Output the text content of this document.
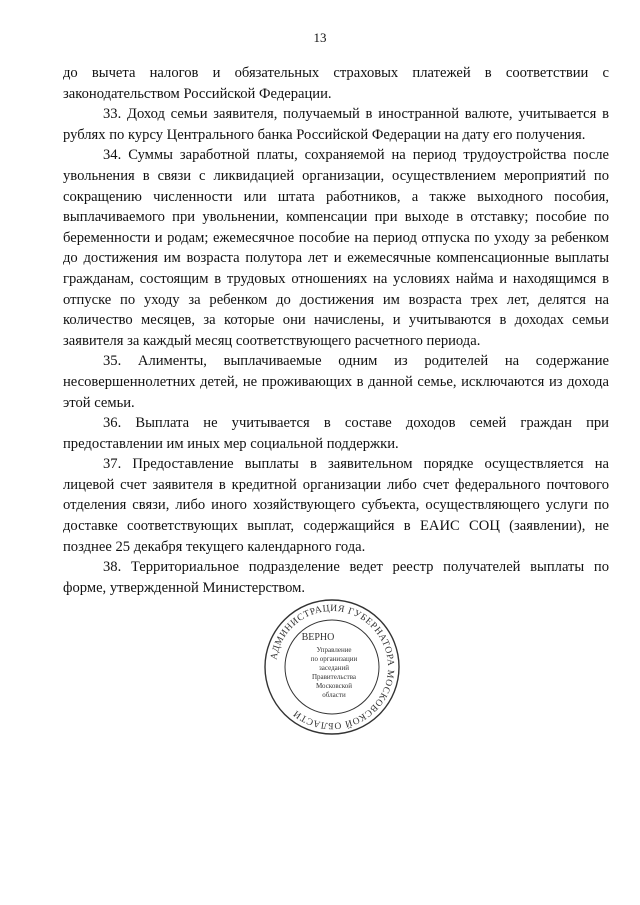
13

до вычета налогов и обязательных страховых платежей в соответствии с законодательством Российской Федерации.

33. Доход семьи заявителя, получаемый в иностранной валюте, учитывается в рублях по курсу Центрального банка Российской Федерации на дату его получения.

34. Суммы заработной платы, сохраняемой на период трудоустройства после увольнения в связи с ликвидацией организации, осуществлением мероприятий по сокращению численности или штата работников, а также выходного пособия, выплачиваемого при увольнении, компенсации при выходе в отставку; пособие по беременности и родам; ежемесячное пособие на период отпуска по уходу за ребенком до достижения им возраста полутора лет и ежемесячные компенсационные выплаты гражданам, состоящим в трудовых отношениях на условиях найма и находящимся в отпуске по уходу за ребенком до достижения им возраста трех лет, делятся на количество месяцев, за которые они начислены, и учитываются в доходах семьи заявителя за каждый месяц соответствующего расчетного периода.

35. Алименты, выплачиваемые одним из родителей на содержание несовершеннолетних детей, не проживающих в данной семье, исключаются из дохода этой семьи.

36. Выплата не учитывается в составе доходов семей граждан при предоставлении им иных мер социальной поддержки.

37. Предоставление выплаты в заявительном порядке осуществляется на лицевой счет заявителя в кредитной организации либо счет федерального почтового отделения связи, либо иного хозяйствующего субъекта, осуществляющего услуги по доставке соответствующих выплат, содержащийся в ЕАИС СОЦ (заявлении), не позднее 25 декабря текущего календарного года.

38. Территориальное подразделение ведет реестр получателей выплаты по форме, утвержденной Министерством.

АДМИНИСТРАЦИЯ ГУБЕРНАТОРА МОСКОВСКОЙ ОБЛАСТИ
ВЕРНО
Управление
по организации
заседаний
Правительства
Московской
области
